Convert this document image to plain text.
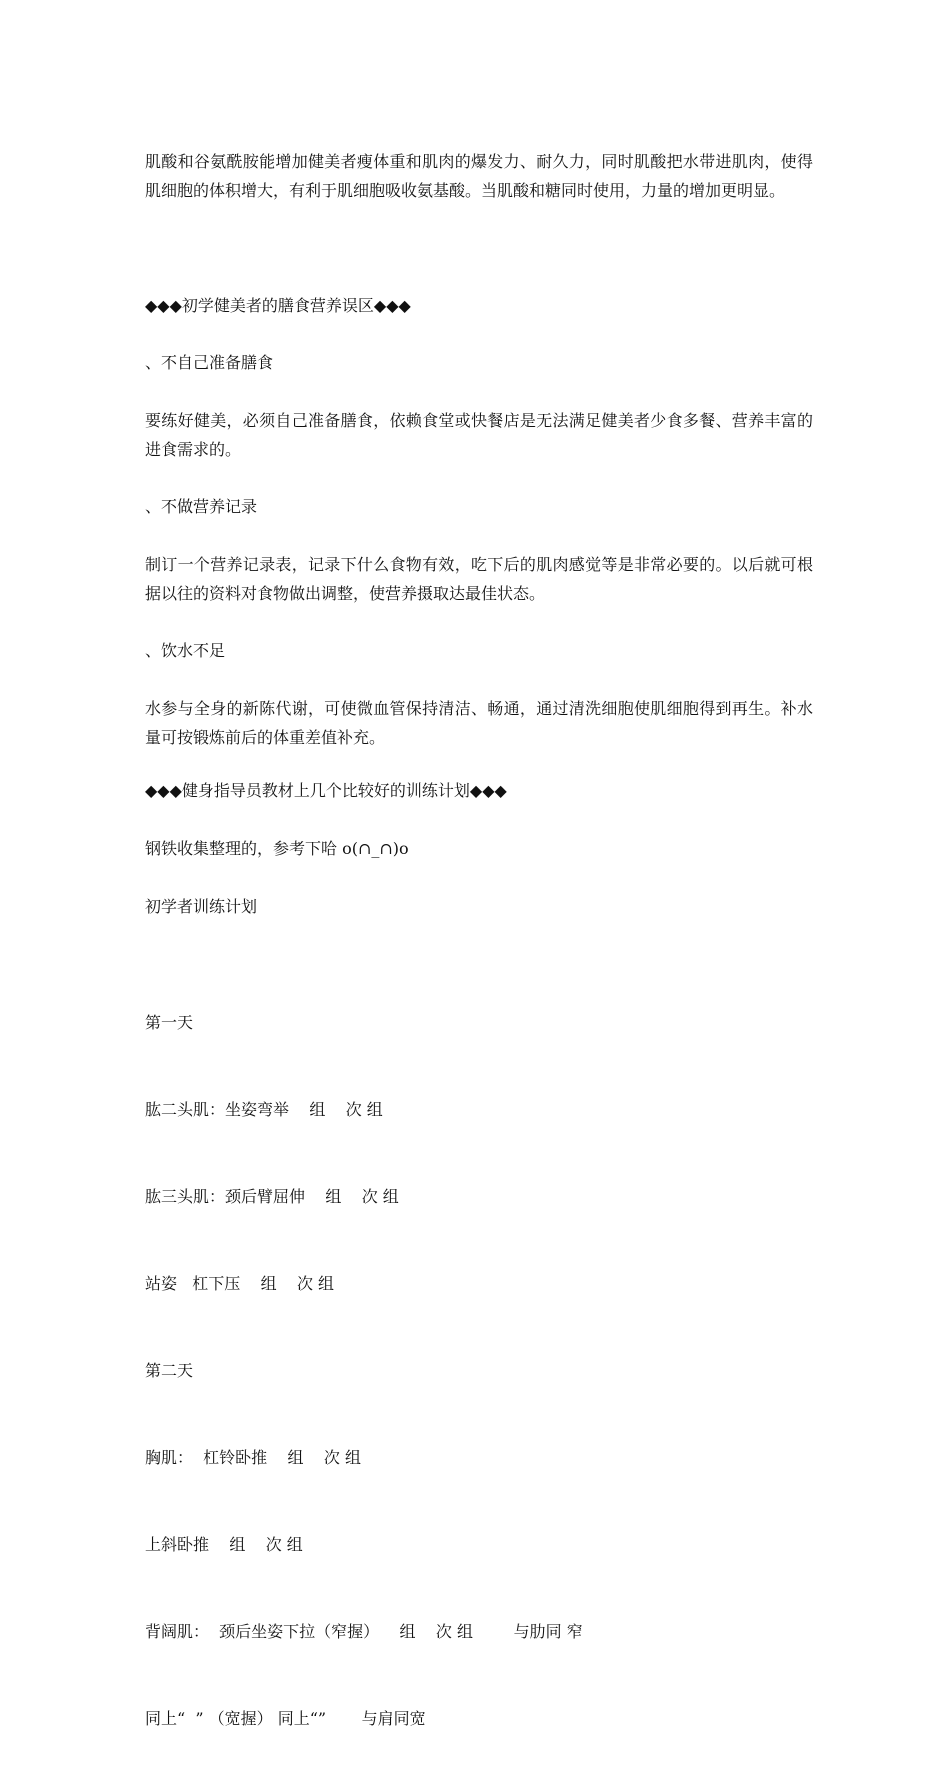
肌酸和谷氨酰胺能增加健美者瘦体重和肌肉的爆发力、耐久力，同时肌酸把水带进肌肉，使得肌细胞的体积增大，有利于肌细胞吸收氨基酸。当肌酸和糖同时使用，力量的增加更明显。

◆◆◆初学健美者的膳食营养误区◆◆◆

、不自己准备膳食

要练好健美，必须自己准备膳食，依赖食堂或快餐店是无法满足健美者少食多餐、营养丰富的进食需求的。

、不做营养记录

制订一个营养记录表，记录下什么食物有效，吃下后的肌肉感觉等是非常必要的。以后就可根据以往的资料对食物做出调整，使营养摄取达最佳状态。

、饮水不足

水参与全身的新陈代谢，可使微血管保持清洁、畅通，通过清洗细胞使肌细胞得到再生。补水量可按锻炼前后的体重差值补充。

◆◆◆健身指导员教材上几个比较好的训练计划◆◆◆

钢铁收集整理的，参考下哈 o(∩_∩)o

初学者训练计划

第一天

肱二头肌：坐姿弯举    组    次 组

肱三头肌：颈后臂屈伸    组    次 组

站姿   杠下压    组    次 组

第二天

胸肌：  杠铃卧推    组    次 组

上斜卧推    组    次 组

背阔肌：  颈后坐姿下拉（窄握）    组    次 组        与肋同 窄

同上“  ” （宽握） 同上“”       与肩同宽
